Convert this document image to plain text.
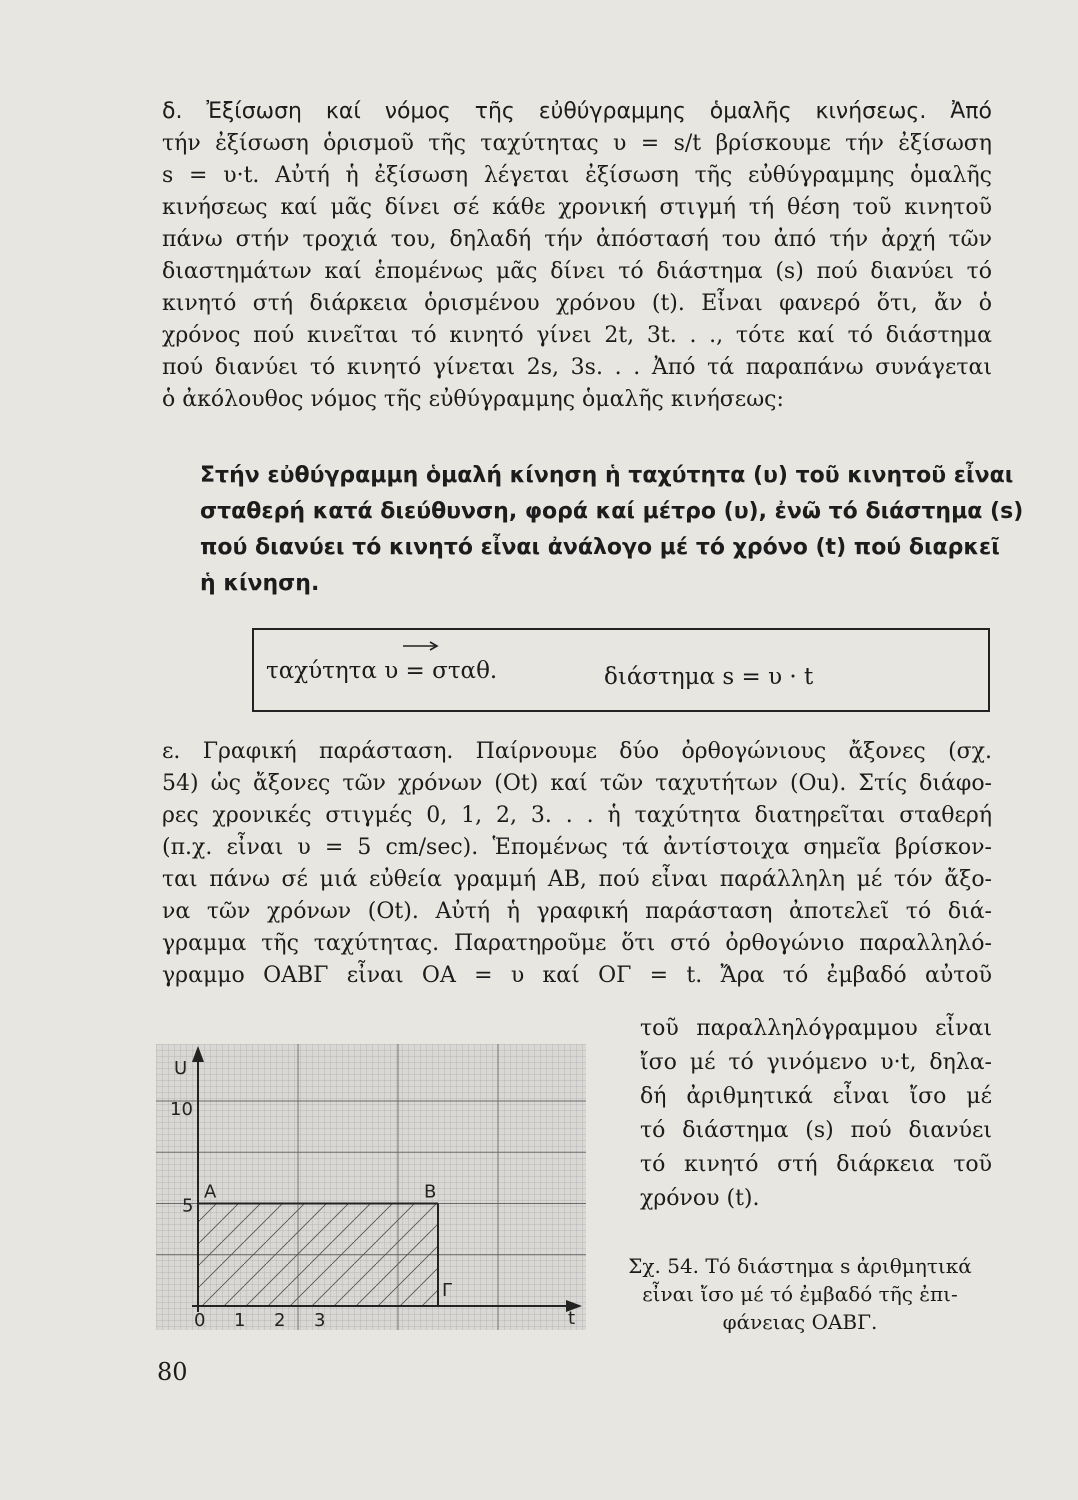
δ. Ἐξίσωση καί νόμος τῆς εὐθύγραμμης ὁμαλῆς κινήσεως. Ἀπό
τήν ἐξίσωση ὁρισμοῦ τῆς ταχύτητας υ = s/t βρίσκουμε τήν ἐξίσωση
s = υ·t. Αὐτή ἡ ἐξίσωση λέγεται ἐξίσωση τῆς εὐθύγραμμης ὁμαλῆς
κινήσεως καί μᾶς δίνει σέ κάθε χρονική στιγμή τή θέση τοῦ κινητοῦ
πάνω στήν τροχιά του, δηλαδή τήν ἀπόστασή του ἀπό τήν ἀρχή τῶν
διαστημάτων καί ἑπομένως μᾶς δίνει τό διάστημα (s) πού διανύει τό
κινητό στή διάρκεια ὁρισμένου χρόνου (t). Εἶναι φανερό ὅτι, ἄν ὁ
χρόνος πού κινεῖται τό κινητό γίνει 2t, 3t. . ., τότε καί τό διάστημα
πού διανύει τό κινητό γίνεται 2s, 3s. . . Ἀπό τά παραπάνω συνάγεται
ὁ ἀκόλουθος νόμος τῆς εὐθύγραμμης ὁμαλῆς κινήσεως:
Στήν εὐθύγραμμη ὁμαλή κίνηση ἡ ταχύτητα (υ) τοῦ κινητοῦ εἶναι
σταθερή κατά διεύθυνση, φορά καί μέτρο (υ), ἐνῶ τό διάστημα (s)
πού διανύει τό κινητό εἶναι ἀνάλογο μέ τό χρόνο (t) πού διαρκεῖ
ἡ κίνηση.
ταχύτητα υ = σταθ.	διάστημα s = υ · t
ε. Γραφική παράσταση. Παίρνουμε δύο ὀρθογώνιους ἄξονες (σχ.
54) ὡς ἄξονες τῶν χρόνων (Ot) καί τῶν ταχυτήτων (Ou). Στίς διάφο-
ρες χρονικές στιγμές 0, 1, 2, 3. . . ἡ ταχύτητα διατηρεῖται σταθερή
(π.χ. εἶναι υ = 5 cm/sec). Ἑπομένως τά ἀντίστοιχα σημεῖα βρίσκον-
ται πάνω σέ μιά εὐθεία γραμμή ΑΒ, πού εἶναι παράλληλη μέ τόν ἄξο-
να τῶν χρόνων (Ot). Αὐτή ἡ γραφική παράσταση ἀποτελεῖ τό διά-
γραμμα τῆς ταχύτητας. Παρατηροῦμε ὅτι στό ὀρθογώνιο παραλληλό-
γραμμο ΟΑΒΓ εἶναι ΟΑ = υ καί ΟΓ = t. Ἄρα τό ἐμβαδό αὐτοῦ
τοῦ παραλληλόγραμμου εἶναι
ἴσο μέ τό γινόμενο υ·t, δηλα-
δή ἀριθμητικά εἶναι ἴσο μέ
τό διάστημα (s) πού διανύει
τό κινητό στή διάρκεια τοῦ
χρόνου (t).
U
t
10
5
0 1 2 3
A	B
Γ
Σχ. 54. Τό διάστημα s ἀριθμητικά
εἶναι ἴσο μέ τό ἐμβαδό τῆς ἐπι-
φάνειας ΟΑΒΓ.
80
